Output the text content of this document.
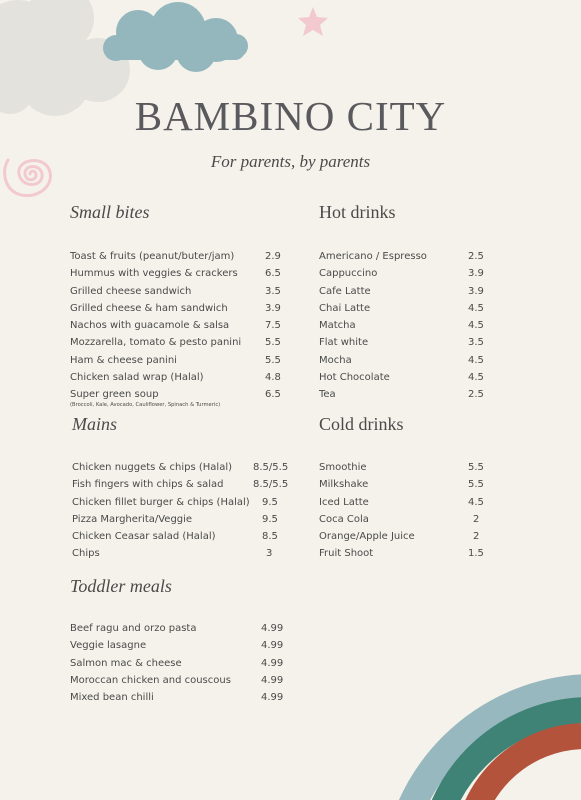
BAMBINO CITY
For parents, by parents
Small bites
Toast & fruits (peanut/buter/jam)	2.9
Hummus with veggies & crackers	6.5
Grilled cheese sandwich	3.5
Grilled cheese & ham sandwich	3.9
Nachos with guacamole & salsa	7.5
Mozzarella, tomato & pesto panini 5.5
Ham & cheese panini	5.5
Chicken salad wrap (Halal)	4.8
Super green soup	6.5
(Broccoli, Kale, Avocado, Cauliflower, Spinach & Turmeric)
Mains
Chicken nuggets & chips (Halal) 8.5/5.5
Fish fingers with chips & salad	8.5/5.5
Chicken fillet burger & chips (Halal) 9.5
Pizza Margherita/Veggie	9.5
Chicken Ceasar salad (Halal)	8.5
Chips	3
Toddler meals
Beef ragu and orzo pasta	4.99
Veggie lasagne	4.99
Salmon mac & cheese	4.99
Moroccan chicken and couscous	4.99
Mixed bean chilli	4.99
Hot drinks
Americano / Espresso	2.5
Cappuccino	3.9
Cafe Latte	3.9
Chai Latte	4.5
Matcha	4.5
Flat white	3.5
Mocha	4.5
Hot Chocolate	4.5
Tea	2.5
Cold drinks
Smoothie	5.5
Milkshake	5.5
Iced Latte	4.5
Coca Cola	2
Orange/Apple Juice	2
Fruit Shoot	1.5
